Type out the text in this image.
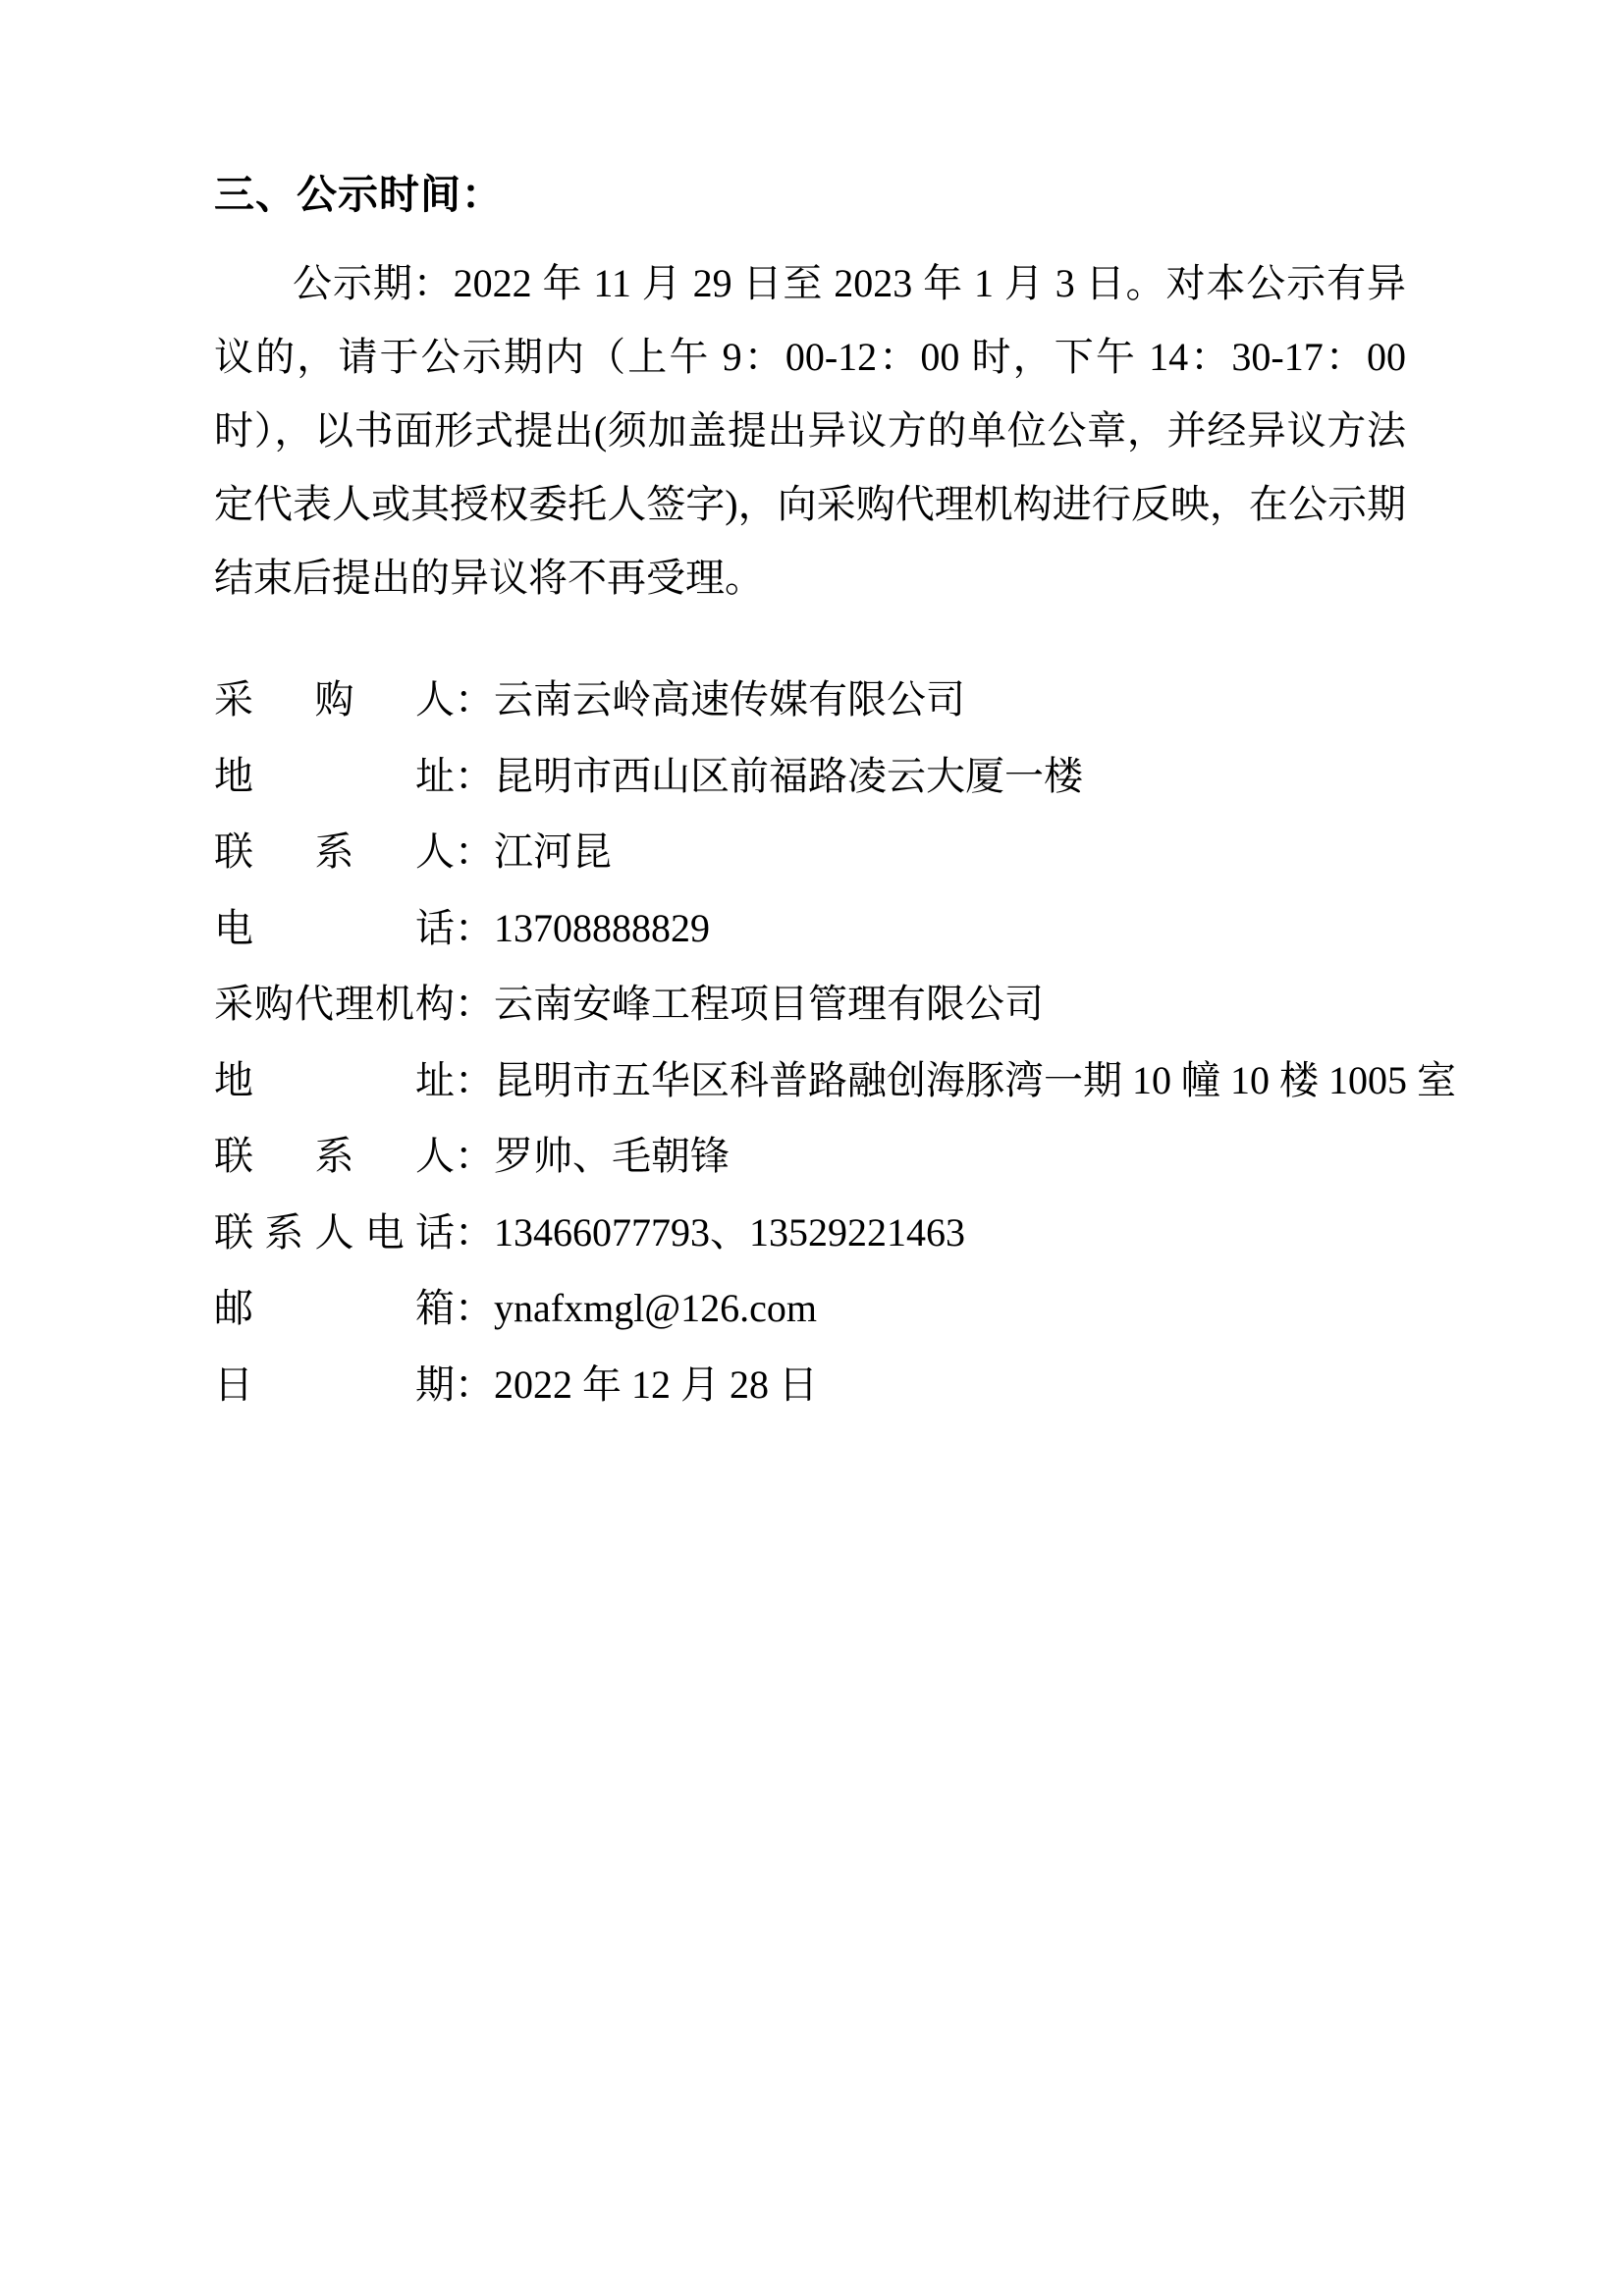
三、公示时间：

公示期：2022 年 11 月 29 日至 2023 年 1 月 3 日。对本公示有异议的，请于公示期内（上午 9：00-12：00 时，下午 14：30-17：00 时），以书面形式提出(须加盖提出异议方的单位公章，并经异议方法定代表人或其授权委托人签字)，向采购代理机构进行反映，在公示期结束后提出的异议将不再受理。

采购人：云南云岭高速传媒有限公司
地址：昆明市西山区前福路凌云大厦一楼
联系人：江河昆
电话：13708888829
采购代理机构：云南安峰工程项目管理有限公司
地址：昆明市五华区科普路融创海豚湾一期 10 幢 10 楼 1005 室
联系人：罗帅、毛朝锋
联系人电话：13466077793、13529221463
邮箱：ynafxmgl@126.com
日期：2022 年 12 月 28 日
